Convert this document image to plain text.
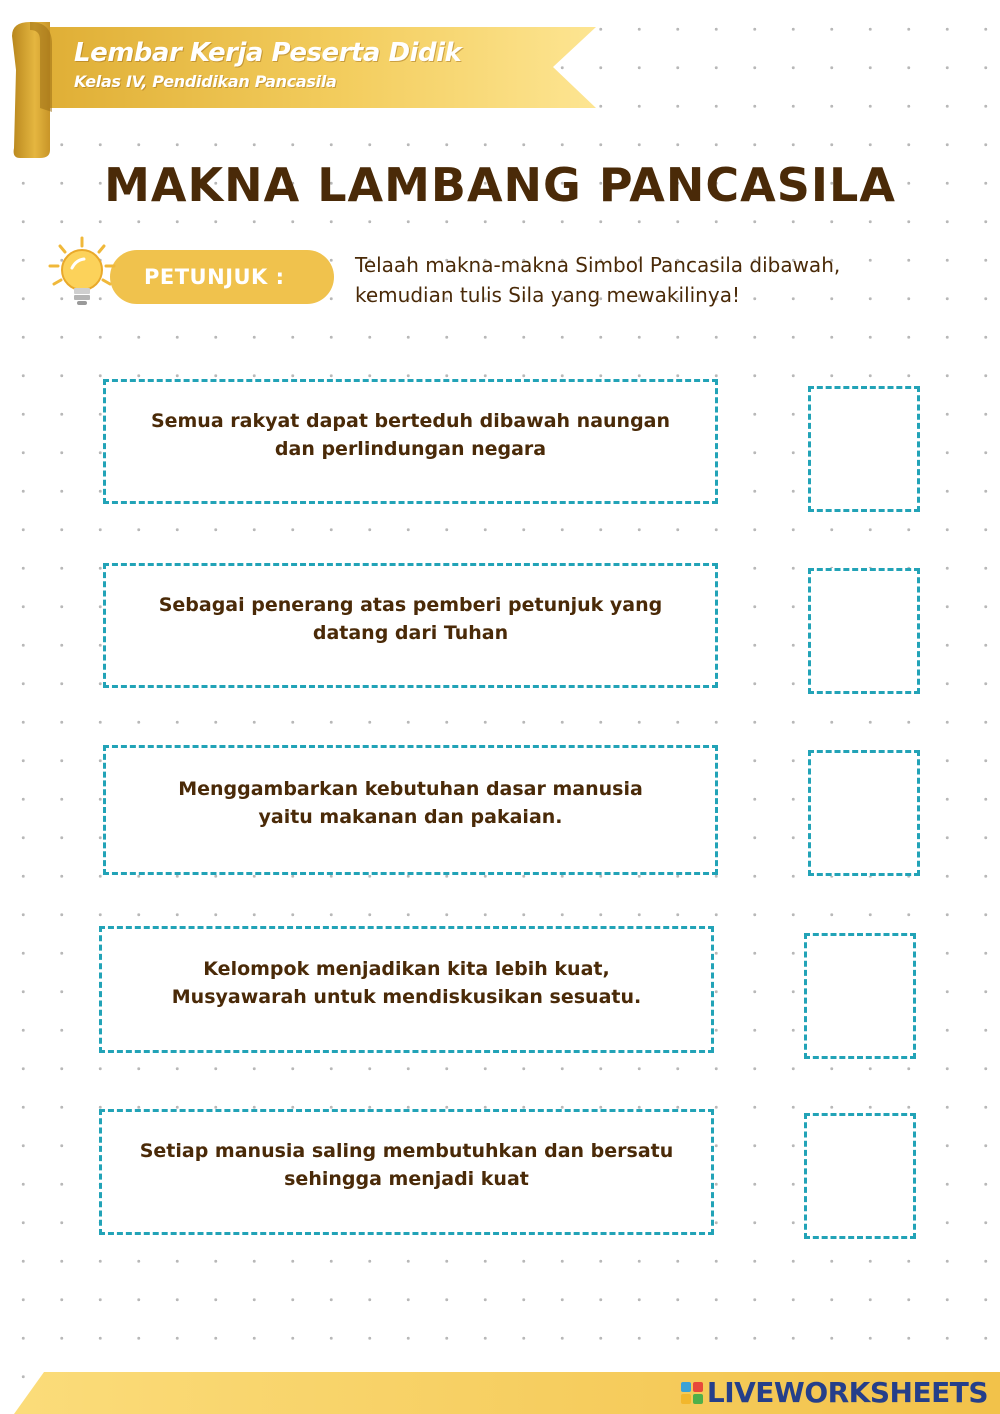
Lembar Kerja Peserta Didik
Kelas IV, Pendidikan Pancasila
MAKNA LAMBANG PANCASILA
PETUNJUK :	Telaah makna-makna Simbol Pancasila dibawah,
kemudian tulis Sila yang mewakilinya!
Semua rakyat dapat berteduh dibawah naungan
dan perlindungan negara
Sebagai penerang atas pemberi petunjuk yang
datang dari Tuhan
Menggambarkan kebutuhan dasar manusia
yaitu makanan dan pakaian.
Kelompok menjadikan kita lebih kuat,
Musyawarah untuk mendiskusikan sesuatu.
Setiap manusia saling membutuhkan dan bersatu
sehingga menjadi kuat
LIVEWORKSHEETS
